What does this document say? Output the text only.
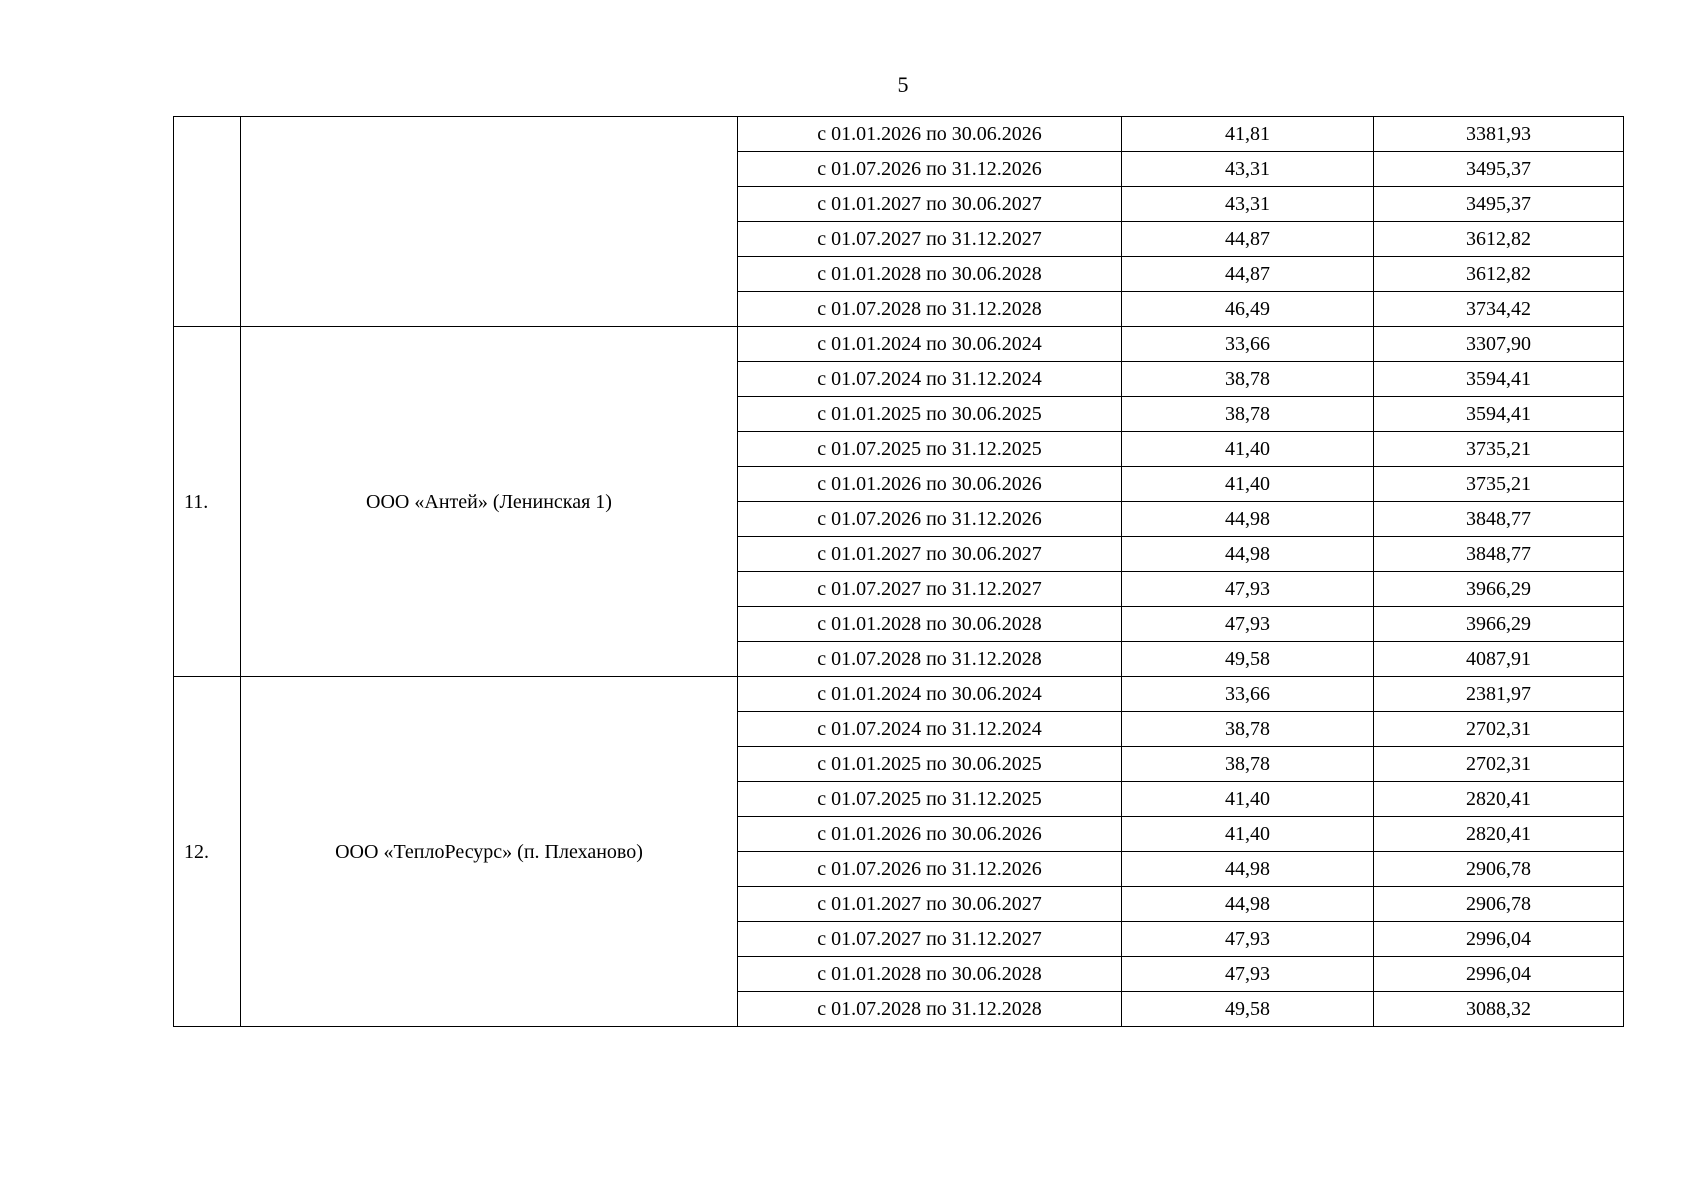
5
		с 01.01.2026 по 30.06.2026	41,81	3381,93
		с 01.07.2026 по 31.12.2026	43,31	3495,37
		с 01.01.2027 по 30.06.2027	43,31	3495,37
		с 01.07.2027 по 31.12.2027	44,87	3612,82
		с 01.01.2028 по 30.06.2028	44,87	3612,82
		с 01.07.2028 по 31.12.2028	46,49	3734,42
11.	ООО «Антей» (Ленинская 1)	с 01.01.2024 по 30.06.2024	33,66	3307,90
		с 01.07.2024 по 31.12.2024	38,78	3594,41
		с 01.01.2025 по 30.06.2025	38,78	3594,41
		с 01.07.2025 по 31.12.2025	41,40	3735,21
		с 01.01.2026 по 30.06.2026	41,40	3735,21
		с 01.07.2026 по 31.12.2026	44,98	3848,77
		с 01.01.2027 по 30.06.2027	44,98	3848,77
		с 01.07.2027 по 31.12.2027	47,93	3966,29
		с 01.01.2028 по 30.06.2028	47,93	3966,29
		с 01.07.2028 по 31.12.2028	49,58	4087,91
12.	ООО «ТеплоРесурс» (п. Плеханово)	с 01.01.2024 по 30.06.2024	33,66	2381,97
		с 01.07.2024 по 31.12.2024	38,78	2702,31
		с 01.01.2025 по 30.06.2025	38,78	2702,31
		с 01.07.2025 по 31.12.2025	41,40	2820,41
		с 01.01.2026 по 30.06.2026	41,40	2820,41
		с 01.07.2026 по 31.12.2026	44,98	2906,78
		с 01.01.2027 по 30.06.2027	44,98	2906,78
		с 01.07.2027 по 31.12.2027	47,93	2996,04
		с 01.01.2028 по 30.06.2028	47,93	2996,04
		с 01.07.2028 по 31.12.2028	49,58	3088,32
